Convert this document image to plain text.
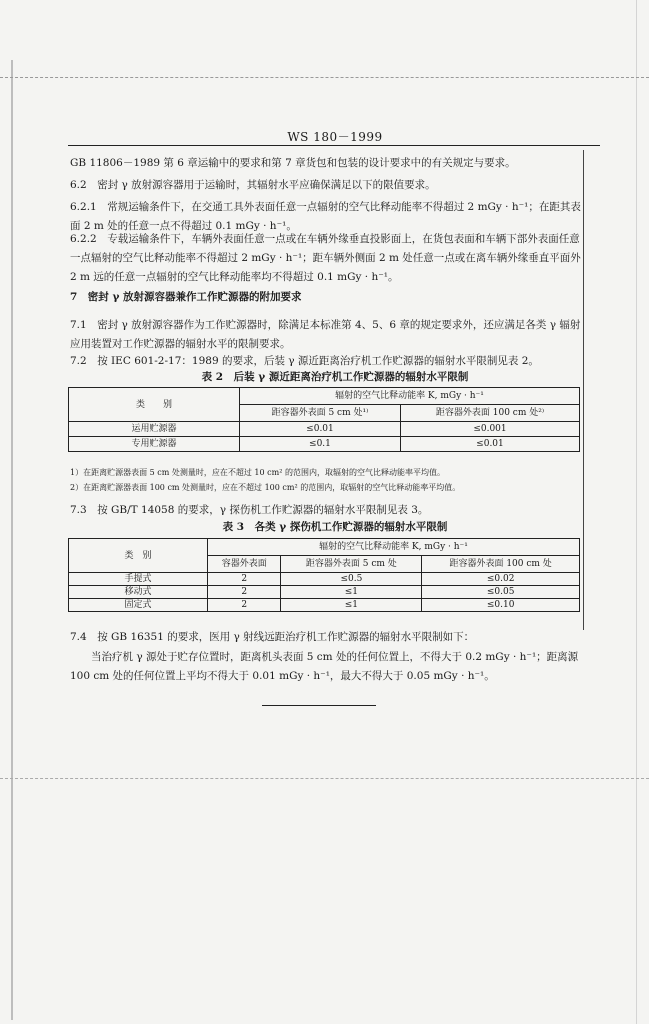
WS 180－1999
GB 11806－1989 第 6 章运输中的要求和第 7 章货包和包装的设计要求中的有关规定与要求。
6.2　密封 γ 放射源容器用于运输时，其辐射水平应确保满足以下的限值要求。
6.2.1　常规运输条件下，在交通工具外表面任意一点辐射的空气比释动能率不得超过 2 mGy · h⁻¹；在距其表面 2 m 处的任意一点不得超过 0.1 mGy · h⁻¹。
6.2.2　专载运输条件下，车辆外表面任意一点或在车辆外缘垂直投影面上，在货包表面和车辆下部外表面任意一点辐射的空气比释动能率不得超过 2 mGy · h⁻¹；距车辆外侧面 2 m 处任意一点或在离车辆外缘垂直平面外 2 m 远的任意一点辐射的空气比释动能率均不得超过 0.1 mGy · h⁻¹。
7　密封 γ 放射源容器兼作工作贮源器的附加要求
7.1　密封 γ 放射源容器作为工作贮源器时，除满足本标准第 4、5、6 章的规定要求外，还应满足各类 γ 辐射应用装置对工作贮源器的辐射水平的限制要求。
7.2　按 IEC 601-2-17：1989 的要求，后装 γ 源近距离治疗机工作贮源器的辐射水平限制见表 2。
表 2　后装 γ 源近距离治疗机工作贮源器的辐射水平限制
类　　别	辐射的空气比释动能率 K, mGy · h⁻¹	
	距容器外表面 5 cm 处¹⁾	距容器外表面 100 cm 处²⁾
运用贮源器	≤0.01	≤0.001
专用贮源器	≤0.1	≤0.01
1）在距离贮源器表面 5 cm 处测量时，应在不超过 10 cm² 的范围内，取辐射的空气比释动能率平均值。
2）在距离贮源器表面 100 cm 处测量时，应在不超过 100 cm² 的范围内，取辐射的空气比释动能率平均值。
7.3　按 GB/T 14058 的要求，γ 探伤机工作贮源器的辐射水平限制见表 3。
表 3　各类 γ 探伤机工作贮源器的辐射水平限制
类　别	辐射的空气比释动能率 K, mGy · h⁻¹		
	容器外表面	距容器外表面 5 cm 处	距容器外表面 100 cm 处
手提式	2	≤0.5	≤0.02
移动式	2	≤1	≤0.05
固定式	2	≤1	≤0.10
7.4　按 GB 16351 的要求，医用 γ 射线远距治疗机工作贮源器的辐射水平限制如下：
当治疗机 γ 源处于贮存位置时，距离机头表面 5 cm 处的任何位置上，不得大于 0.2 mGy · h⁻¹；距离源 100 cm 处的任何位置上平均不得大于 0.01 mGy · h⁻¹，最大不得大于 0.05 mGy · h⁻¹。
